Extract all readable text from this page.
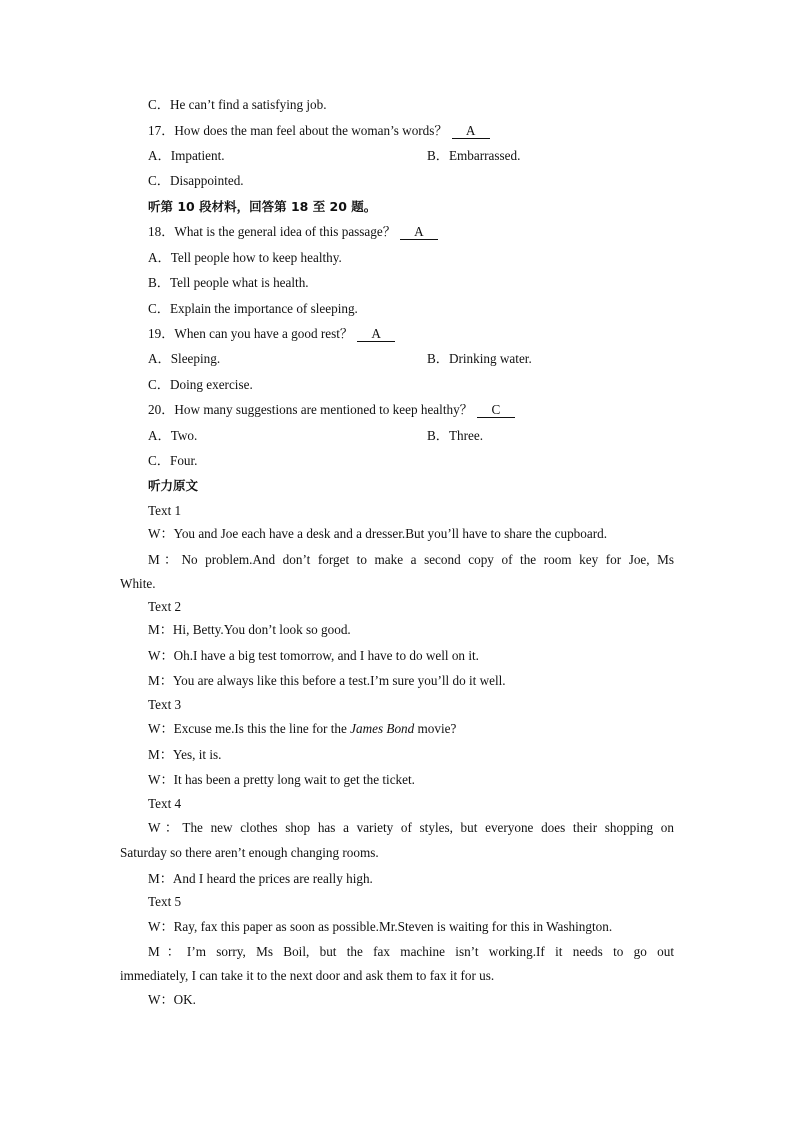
C．He can’t find a satisfying job.
17．How does the man feel about the woman’s words？ A
A．Impatient.	B．Embarrassed.
C．Disappointed.
听第 10 段材料，回答第 18 至 20 题。
18．What is the general idea of this passage？ A
A．Tell people how to keep healthy.
B．Tell people what is health.
C．Explain the importance of sleeping.
19．When can you have a good rest？ A
A．Sleeping.	B．Drinking water.
C．Doing exercise.
20．How many suggestions are mentioned to keep healthy？ C
A．Two.	B．Three.
C．Four.
听力原文
Text 1
W：You and Joe each have a desk and a dresser.But you’ll have to share the cupboard.
M：No problem.And don’t forget to make a second copy of the room key for Joe, Ms
White.
Text 2
M：Hi, Betty.You don’t look so good.
W：Oh.I have a big test tomorrow, and I have to do well on it.
M：You are always like this before a test.I’m sure you’ll do it well.
Text 3
W：Excuse me.Is this the line for the James Bond movie?
M：Yes, it is.
W：It has been a pretty long wait to get the ticket.
Text 4
W：The new clothes shop has a variety of styles, but everyone does their shopping on
Saturday so there aren’t enough changing rooms.
M：And I heard the prices are really high.
Text 5
W：Ray, fax this paper as soon as possible.Mr.Steven is waiting for this in Washington.
M：I’m sorry, Ms Boil, but the fax machine isn’t working.If it needs to go out
immediately, I can take it to the next door and ask them to fax it for us.
W：OK.
